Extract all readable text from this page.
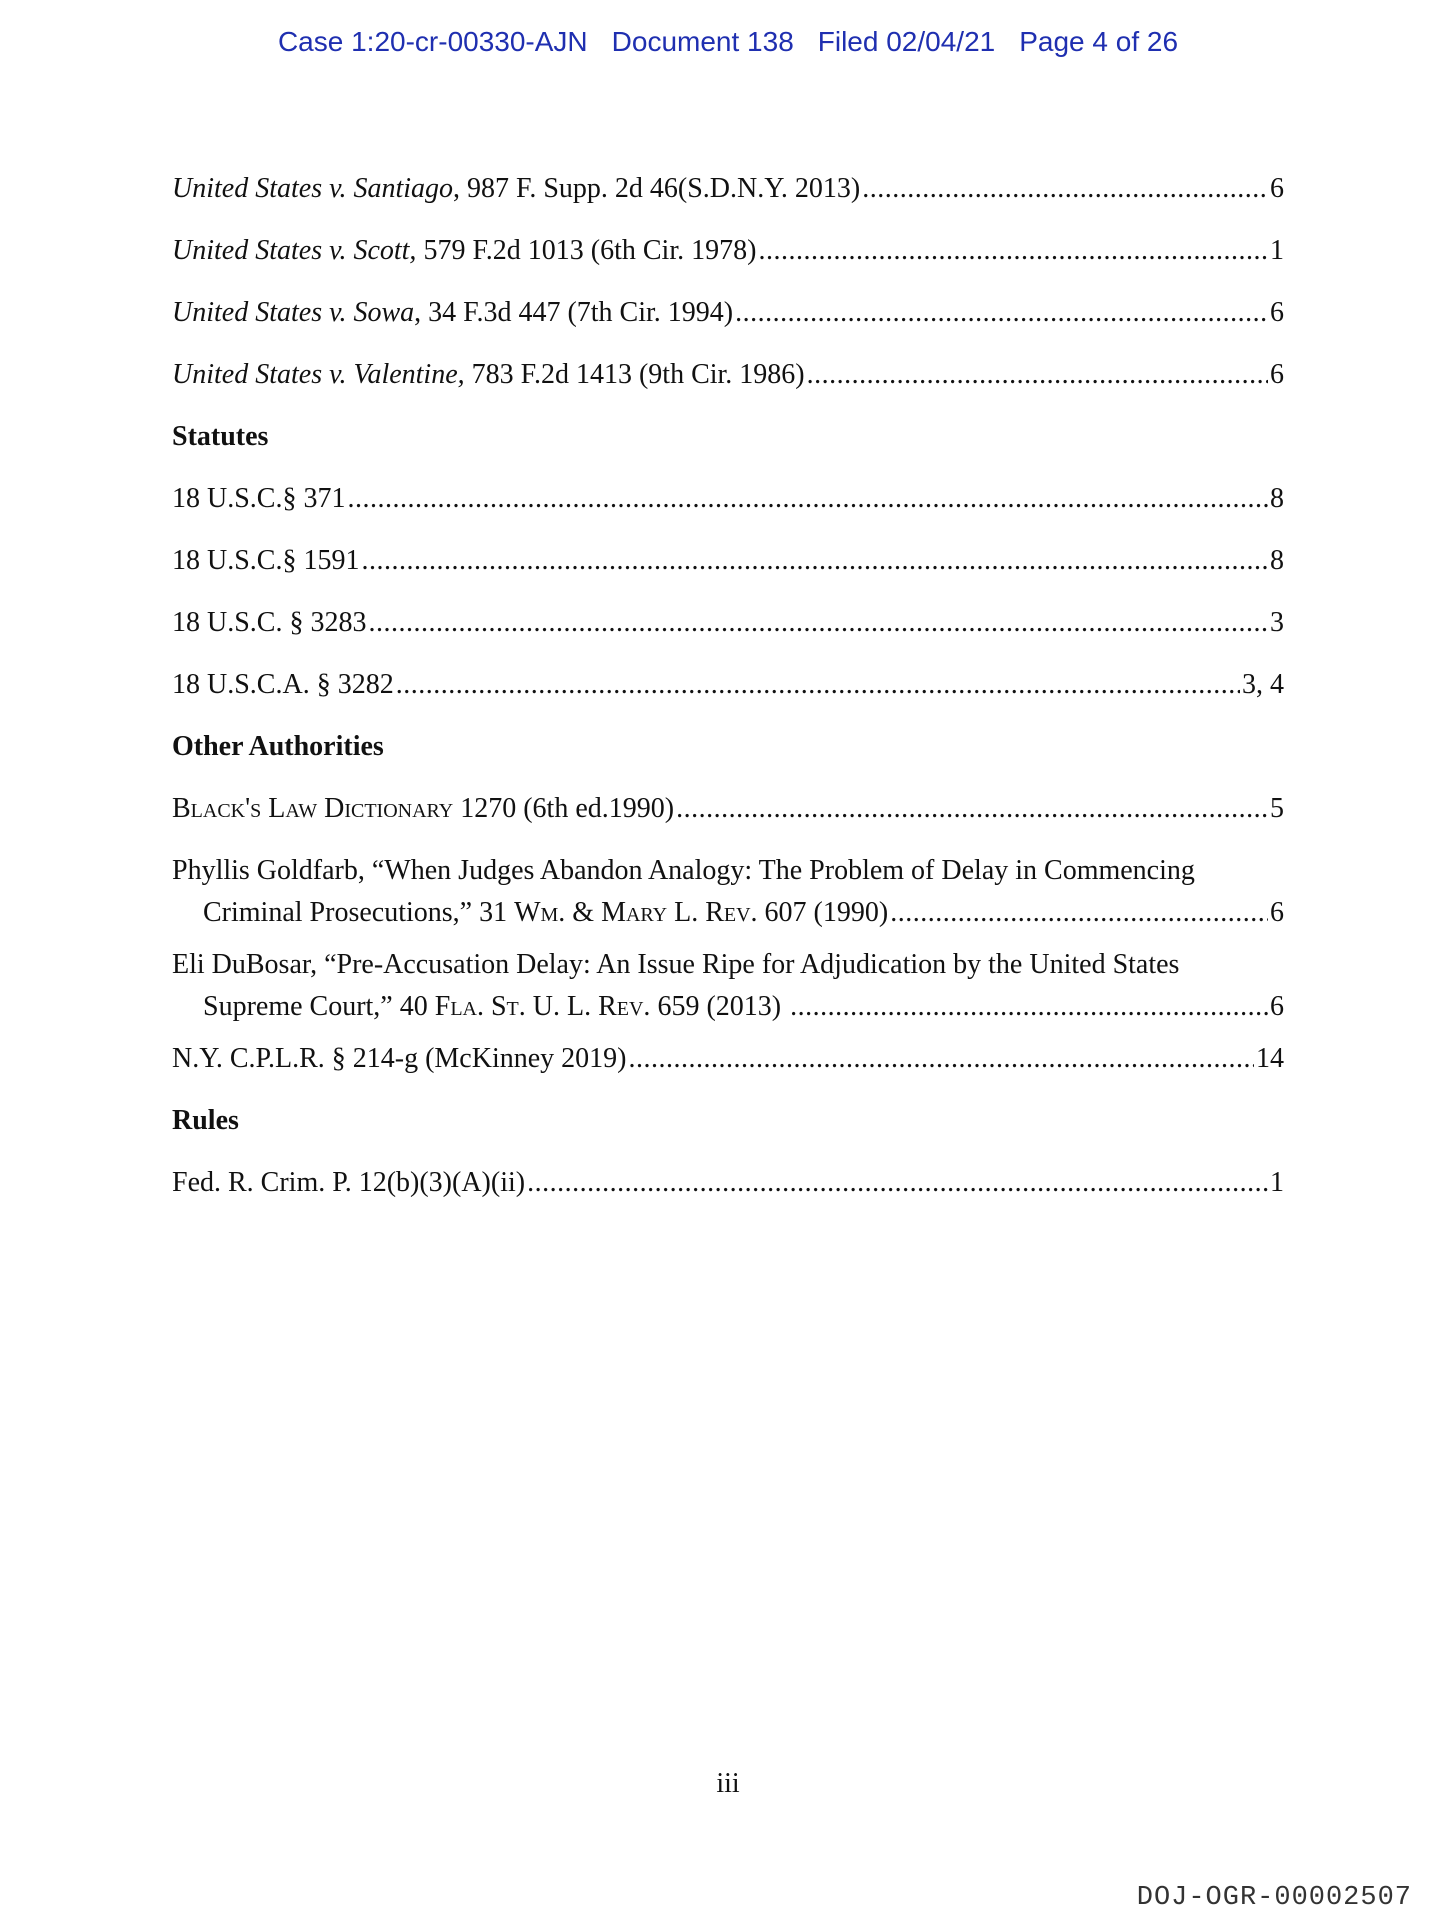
Case 1:20-cr-00330-AJN Document 138 Filed 02/04/21 Page 4 of 26
United States v. Santiago, 987 F. Supp. 2d 46(S.D.N.Y. 2013) .....	6
United States v. Scott, 579 F.2d 1013 (6th Cir. 1978) .....	1
United States v. Sowa, 34 F.3d 447 (7th Cir. 1994) .....	6
United States v. Valentine, 783 F.2d 1413 (9th Cir. 1986) .....	6
Statutes
18 U.S.C.§ 371 .....	8
18 U.S.C.§ 1591 .....	8
18 U.S.C. § 3283 .....	3
18 U.S.C.A. § 3282 .....	3, 4
Other Authorities
Black's Law Dictionary 1270 (6th ed.1990) .....	5
Phyllis Goldfarb, “When Judges Abandon Analogy: The Problem of Delay in Commencing
Criminal Prosecutions,” 31 Wm. & Mary L. Rev. 607 (1990) .....	6
Eli DuBosar, “Pre-Accusation Delay: An Issue Ripe for Adjudication by the United States
Supreme Court,” 40 Fla. St. U. L. Rev. 659 (2013) .....	6
N.Y. C.P.L.R. § 214-g (McKinney 2019) .....	14
Rules
Fed. R. Crim. P. 12(b)(3)(A)(ii) .....	1
iii
DOJ-OGR-00002507
